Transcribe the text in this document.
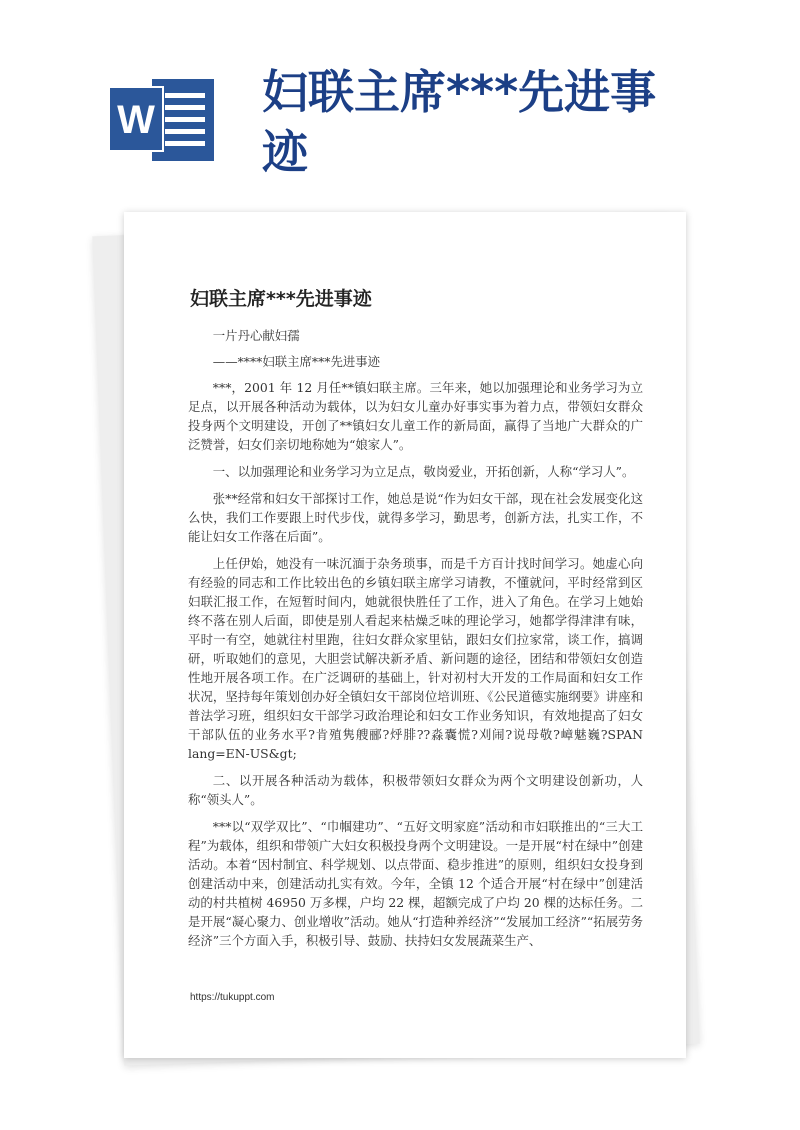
W
妇联主席***先进事迹
妇联主席***先进事迹

一片丹心献妇孺

——****妇联主席***先进事迹

***，2001 年 12 月任**镇妇联主席。三年来，她以加强理论和业务学习为立足点，以开展各种活动为载体，以为妇女儿童办好事实事为着力点，带领妇女群众投身两个文明建设，开创了**镇妇女儿童工作的新局面，赢得了当地广大群众的广泛赞誉，妇女们亲切地称她为“娘家人”。

一、以加强理论和业务学习为立足点，敬岗爱业，开拓创新，人称“学习人”。

张**经常和妇女干部探讨工作，她总是说“作为妇女干部，现在社会发展变化这么快，我们工作要跟上时代步伐，就得多学习，勤思考，创新方法，扎实工作，不能让妇女工作落在后面”。

上任伊始，她没有一味沉湎于杂务琐事，而是千方百计找时间学习。她虚心向有经验的同志和工作比较出色的乡镇妇联主席学习请教，不懂就问，平时经常到区妇联汇报工作，在短暂时间内，她就很快胜任了工作，进入了角色。在学习上她始终不落在别人后面，即使是别人看起来枯燥乏味的理论学习，她都学得津津有味，平时一有空，她就往村里跑，往妇女群众家里钻，跟妇女们拉家常，谈工作，搞调研，听取她们的意见，大胆尝试解决新矛盾、新问题的途径，团结和带领妇女创造性地开展各项工作。在广泛调研的基础上，针对初村大开发的工作局面和妇女工作状况，坚持每年策划创办好全镇妇女干部岗位培训班、《公民道德实施纲要》讲座和普法学习班，组织妇女干部学习政治理论和妇女工作业务知识，有效地提高了妇女干部队伍的业务水平?肯殖隽艘郦?烀腓??淼囊慌?刈闹?说母敬?嶂魅巍?SPAN lang=EN-US&gt;

二、以开展各种活动为载体，积极带领妇女群众为两个文明建设创新功，人称“领头人”。

***以“双学双比”、“巾帼建功”、“五好文明家庭”活动和市妇联推出的“三大工程”为载体，组织和带领广大妇女积极投身两个文明建设。一是开展“村在绿中”创建活动。本着“因村制宜、科学规划、以点带面、稳步推进”的原则，组织妇女投身到创建活动中来，创建活动扎实有效。今年，全镇 12 个适合开展“村在绿中”创建活动的村共植树 46950 万多棵，户均 22 棵，超额完成了户均 20 棵的达标任务。二是开展“凝心聚力、创业增收”活动。她从“打造种养经济”“发展加工经济”“拓展劳务经济”三个方面入手，积极引导、鼓励、扶持妇女发展蔬菜生产、

https://tukuppt.com
